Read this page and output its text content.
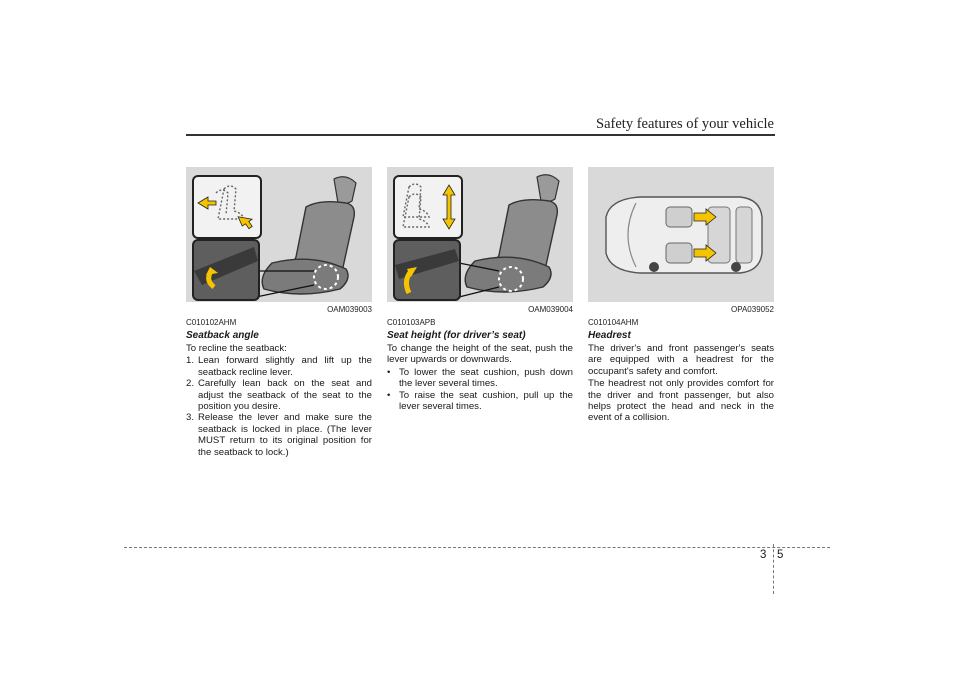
Safety features of your vehicle
OAM039003
C010102AHM
Seatback angle

To recline the seatback:

1. Lean forward slightly and lift up the seatback recline lever.
2. Carefully lean back on the seat and adjust the seatback of the seat to the position you desire.
3. Release the lever and make sure the seatback is locked in place. (The lever MUST return to its original position for the seatback to lock.)
OAM039004
C010103APB
Seat height (for driver’s seat)

To change the height of the seat, push the lever upwards or downwards.

• To lower the seat cushion, push down the lever several times.
• To raise the seat cushion, pull up the lever several times.
OPA039052
C010104AHM
Headrest

The driver's and front passenger's seats are equipped with a headrest for the occupant's safety and comfort.

The headrest not only provides comfort for the driver and front passenger, but also helps protect the head and neck in the event of a collision.

3 5
